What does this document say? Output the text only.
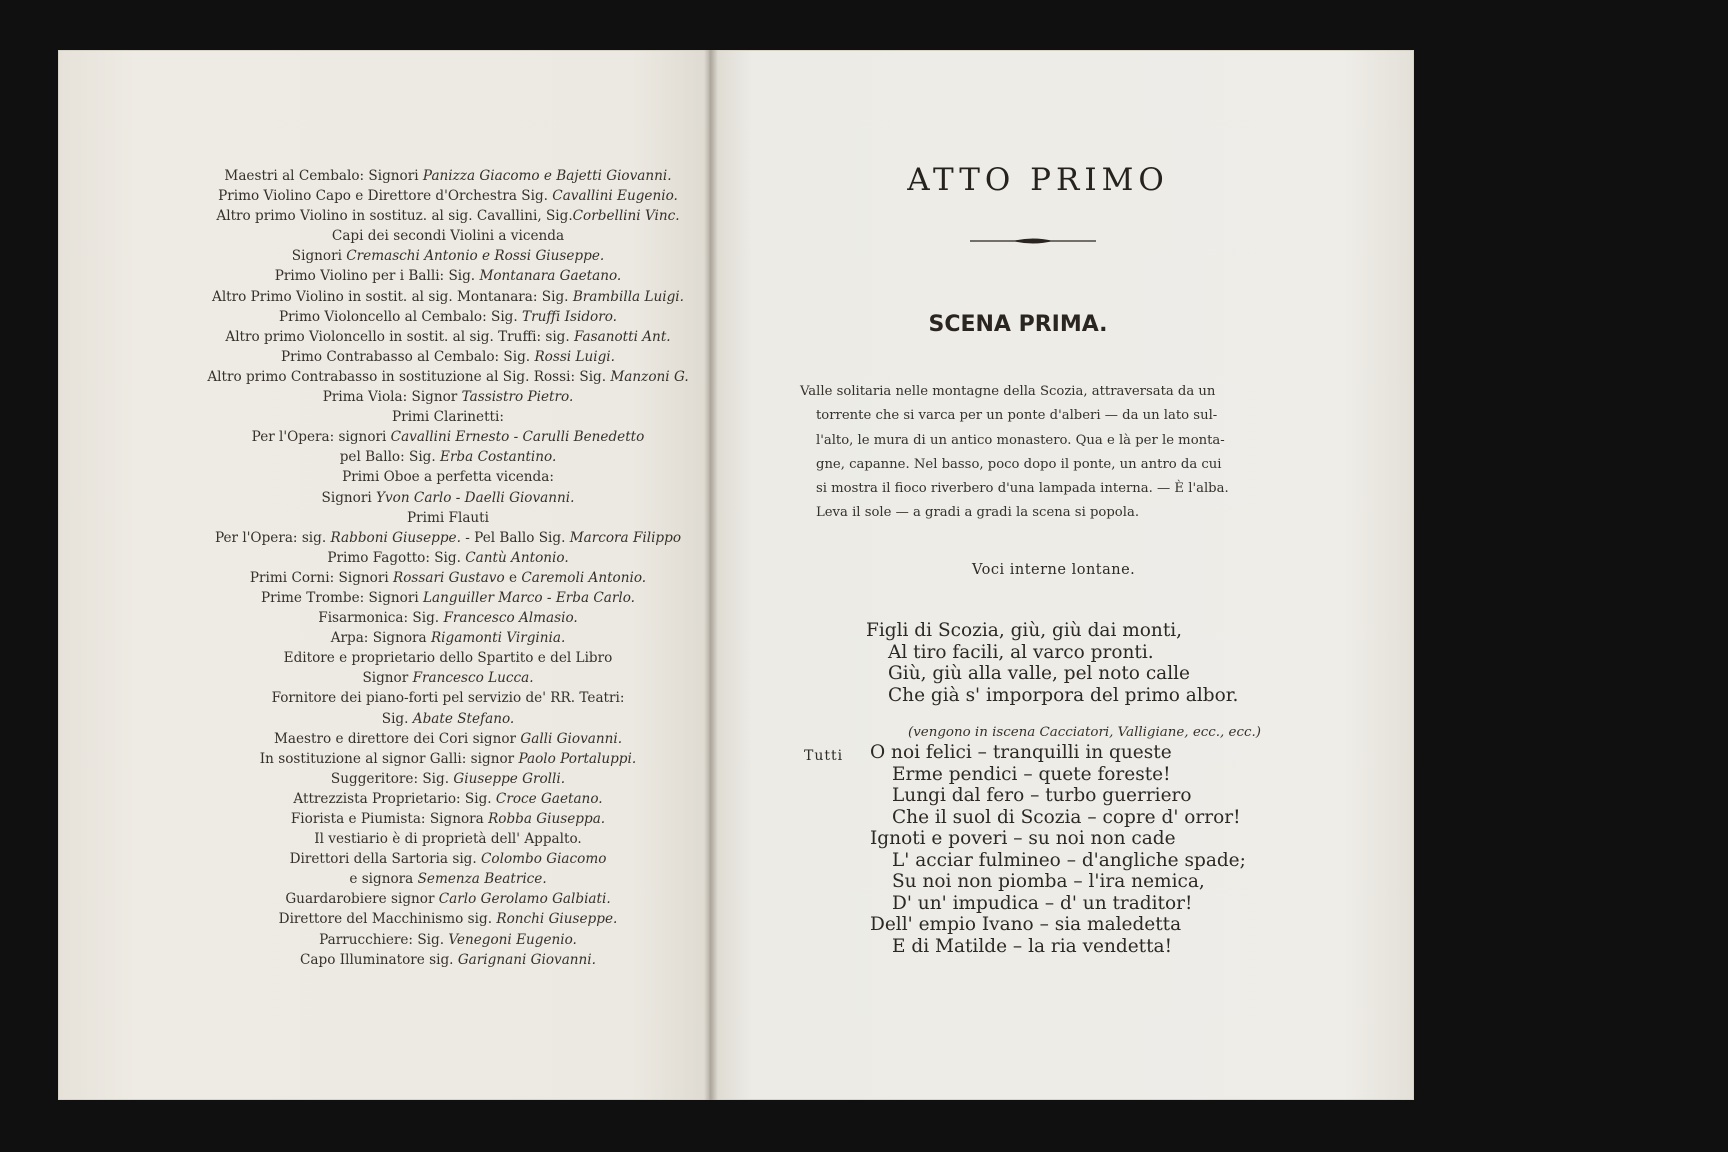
Maestri al Cembalo: Signori Panizza Giacomo e Bajetti Giovanni.
Primo Violino Capo e Direttore d'Orchestra Sig. Cavallini Eugenio.
Altro primo Violino in sostituz. al sig. Cavallini, Sig.Corbellini Vinc.
Capi dei secondi Violini a vicenda
Signori Cremaschi Antonio e Rossi Giuseppe.
Primo Violino per i Balli: Sig. Montanara Gaetano.
Altro Primo Violino in sostit. al sig. Montanara: Sig. Brambilla Luigi.
Primo Violoncello al Cembalo: Sig. Truffi Isidoro.
Altro primo Violoncello in sostit. al sig. Truffi: sig. Fasanotti Ant.
Primo Contrabasso al Cembalo: Sig. Rossi Luigi.
Altro primo Contrabasso in sostituzione al Sig. Rossi: Sig. Manzoni G.
Prima Viola: Signor Tassistro Pietro.
Primi Clarinetti:
Per l'Opera: signori Cavallini Ernesto - Carulli Benedetto
pel Ballo: Sig. Erba Costantino.
Primi Oboe a perfetta vicenda:
Signori Yvon Carlo - Daelli Giovanni.
Primi Flauti
Per l'Opera: sig. Rabboni Giuseppe. - Pel Ballo Sig. Marcora Filippo
Primo Fagotto: Sig. Cantù Antonio.
Primi Corni: Signori Rossari Gustavo e Caremoli Antonio.
Prime Trombe: Signori Languiller Marco - Erba Carlo.
Fisarmonica: Sig. Francesco Almasio.
Arpa: Signora Rigamonti Virginia.
Editore e proprietario dello Spartito e del Libro
Signor Francesco Lucca.
Fornitore dei piano-forti pel servizio de' RR. Teatri:
Sig. Abate Stefano.
Maestro e direttore dei Cori signor Galli Giovanni.
In sostituzione al signor Galli: signor Paolo Portaluppi.
Suggeritore: Sig. Giuseppe Grolli.
Attrezzista Proprietario: Sig. Croce Gaetano.
Fiorista e Piumista: Signora Robba Giuseppa.
Il vestiario è di proprietà dell' Appalto.
Direttori della Sartoria sig. Colombo Giacomo
e signora Semenza Beatrice.
Guardarobiere signor Carlo Gerolamo Galbiati.
Direttore del Macchinismo sig. Ronchi Giuseppe.
Parrucchiere: Sig. Venegoni Eugenio.
Capo Illuminatore sig. Garignani Giovanni.
ATTO PRIMO
SCENA PRIMA.
Valle solitaria nelle montagne della Scozia, attraversata da un
torrente che si varca per un ponte d'alberi — da un lato sul-
l'alto, le mura di un antico monastero. Qua e là per le monta-
gne, capanne. Nel basso, poco dopo il ponte, un antro da cui
si mostra il fioco riverbero d'una lampada interna. — È l'alba.
Leva il sole — a gradi a gradi la scena si popola.
Voci interne lontane.
Figli di Scozia, giù, giù dai monti,
Al tiro facili, al varco pronti.
Giù, giù alla valle, pel noto calle
Che già s' imporpora del primo albor.
(vengono in iscena Cacciatori, Valligiane, ecc., ecc.)
Tutti O noi felici – tranquilli in queste
Erme pendici – quete foreste!
Lungi dal fero – turbo guerriero
Che il suol di Scozia – copre d' orror!
Ignoti e poveri – su noi non cade
L' acciar fulmineo – d'angliche spade;
Su noi non piomba – l'ira nemica,
D' un' impudica – d' un traditor!
Dell' empio Ivano – sia maledetta
E di Matilde – la ria vendetta!
